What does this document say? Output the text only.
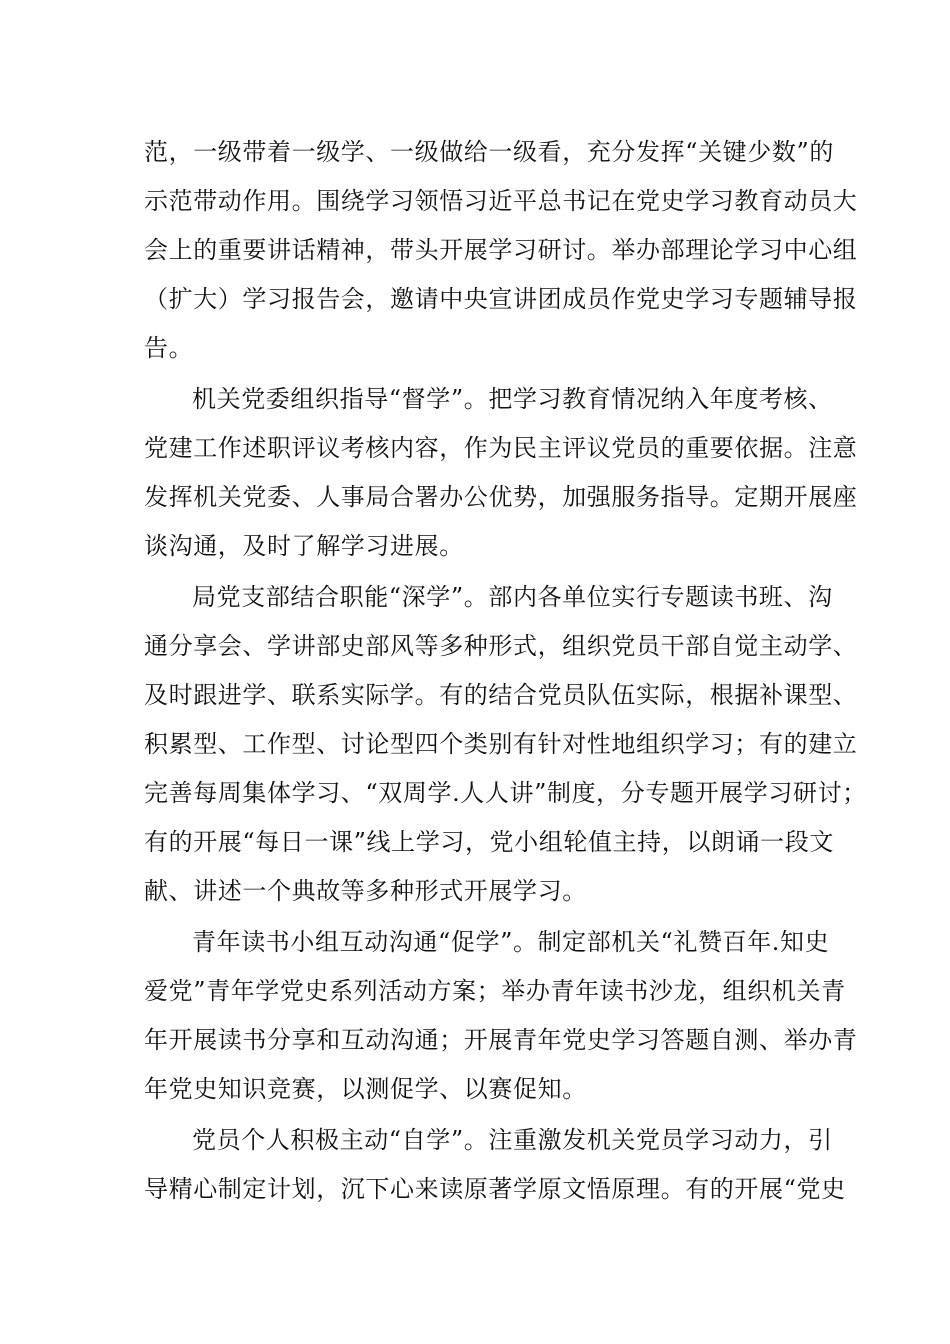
范，一级带着一级学、一级做给一级看，充分发挥“关键少数”的
示范带动作用。围绕学习领悟习近平总书记在党史学习教育动员大
会上的重要讲话精神，带头开展学习研讨。举办部理论学习中心组
（扩大）学习报告会，邀请中央宣讲团成员作党史学习专题辅导报
告。
机关党委组织指导“督学”。把学习教育情况纳入年度考核、
党建工作述职评议考核内容，作为民主评议党员的重要依据。注意
发挥机关党委、人事局合署办公优势，加强服务指导。定期开展座
谈沟通，及时了解学习进展。
局党支部结合职能“深学”。部内各单位实行专题读书班、沟
通分享会、学讲部史部风等多种形式，组织党员干部自觉主动学、
及时跟进学、联系实际学。有的结合党员队伍实际，根据补课型、
积累型、工作型、讨论型四个类别有针对性地组织学习；有的建立
完善每周集体学习、“双周学.人人讲”制度，分专题开展学习研讨；
有的开展“每日一课”线上学习，党小组轮值主持，以朗诵一段文
献、讲述一个典故等多种形式开展学习。
青年读书小组互动沟通“促学”。制定部机关“礼赞百年.知史
爱党”青年学党史系列活动方案；举办青年读书沙龙，组织机关青
年开展读书分享和互动沟通；开展青年党史学习答题自测、举办青
年党史知识竞赛，以测促学、以赛促知。
党员个人积极主动“自学”。注重激发机关党员学习动力，引
导精心制定计划，沉下心来读原著学原文悟原理。有的开展“党史
